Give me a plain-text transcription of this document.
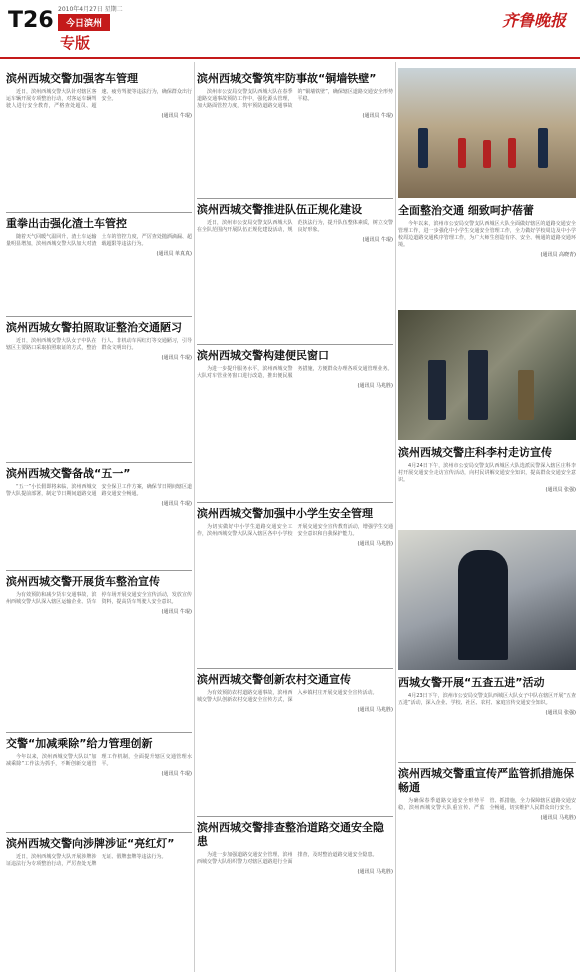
T26 2010年4月27日 星期二
今日滨州
专版
齐鲁晚报
滨州西城交警加强客车管理

近日，滨州西城交警大队针对辖区客运车辆开展专项整治行动，对客运车辆驾驶人进行安全教育，严格查处超员、超速、疲劳驾驶等违法行为，确保群众出行安全。

(通讯员 牛琨)
重拳出击强化渣土车管控

随着天气回暖气温回升，渣土车运输量明显增加，滨州西城交警大队加大对渣土车的管控力度，严厉查处抛洒滴漏、超载超限等违法行为。

(通讯员 单真真)
滨州西城女警拍照取证整治交通陋习

近日，滨州西城交警大队女子中队在辖区主要路口采取拍照取证的方式，整治行人、非机动车闯红灯等交通陋习，引导群众文明出行。

(通讯员 牛琨)
滨州西城交警备战“五一”

“五一”小长假即将来临，滨州西城交警大队提前部署，制定节日期间道路交通安全保卫工作方案，确保节日期间辖区道路交通安全畅通。

(通讯员 牛琨)
滨州西城交警开展货车整治宣传

为有效预防和减少货车交通事故，滨州西城交警大队深入辖区运输企业、货车停车场开展交通安全宣传活动，发放宣传资料，提高货车驾驶人安全意识。

(通讯员 牛琨)
交警“加减乘除”给力管理创新

今年以来，滨州西城交警大队以“加减乘除”工作法为抓手，不断创新交通管理工作机制，全面提升辖区交通管理水平。

(通讯员 牛琨)
滨州西城交警向涉牌涉证“亮红灯”

近日，滨州西城交警大队开展涉牌涉证违法行为专项整治行动，严厉查处无牌无证、假牌套牌等违法行为。

滨州西城交警筑牢防事故“铜墙铁壁”

滨州市公安局交警支队西城大队在春季道路交通事故预防工作中，强化源头管理，加大路面管控力度，筑牢预防道路交通事故的“铜墙铁壁”，确保辖区道路交通安全形势平稳。

(通讯员 牛琨)
滨州西城交警推进队伍正规化建设

近日，滨州市公安局交警支队西城大队在全队范围内开展队伍正规化建设活动，规范执法行为，提升队伍整体素质，树立交警良好形象。

(通讯员 牛琨)
滨州西城交警构建便民窗口

为进一步提升服务水平，滨州西城交警大队对车管业务窗口进行改造，推出便民服务措施，方便群众办理各项交通管理业务。

(通讯员 马兆胜)
滨州西城交警加强中小学生安全管理

为切实做好中小学生道路交通安全工作，滨州西城交警大队深入辖区各中小学校开展交通安全宣传教育活动，增强学生交通安全意识和自我保护能力。

(通讯员 马兆胜)
滨州西城交警创新农村交通宣传

为有效预防农村道路交通事故，滨州西城交警大队创新农村交通安全宣传方式，深入乡镇村庄开展交通安全宣传活动。

(通讯员 马兆胜)
滨州西城交警排查整治道路交通安全隐患

为进一步加强道路交通安全管理，滨州西城交警大队组织警力对辖区道路进行全面排查，及时整治道路交通安全隐患。

(通讯员 马兆胜)
全面整治交通 细致呵护蓓蕾

今年以来，滨州市公安局交警支队西城区大队全面做好辖区的道路交通安全管理工作，进一步强化中小学生交通安全管理工作，全力做好学校周边及中小学校周边道路交通秩序管理工作，为广大师生创造有序、安全、畅通的道路交通环境。

(通讯员 高晓青)
滨州西城交警庄科李村走访宣传

4月24日下午，滨州市公安局交警支队西城区大队选派民警深入辖区庄科李村开展交通安全走访宣传活动，向村民讲解交通安全知识，提高群众交通安全意识。

(通讯员 张强)
西城女警开展“五查五进”活动

4月23日下午，滨州市公安局交警支队西城区大队女子中队在辖区开展“五查五进”活动，深入企业、学校、社区、农村、家庭宣传交通安全知识。

(通讯员 张强)
滨州西城交警重宣传严监管抓措施保畅通

为确保春季道路交通安全形势平稳，滨州西城交警大队重宣传、严监管、抓措施，全力保障辖区道路交通安全畅通，切实维护人民群众出行安全。

(通讯员 马兆胜)
